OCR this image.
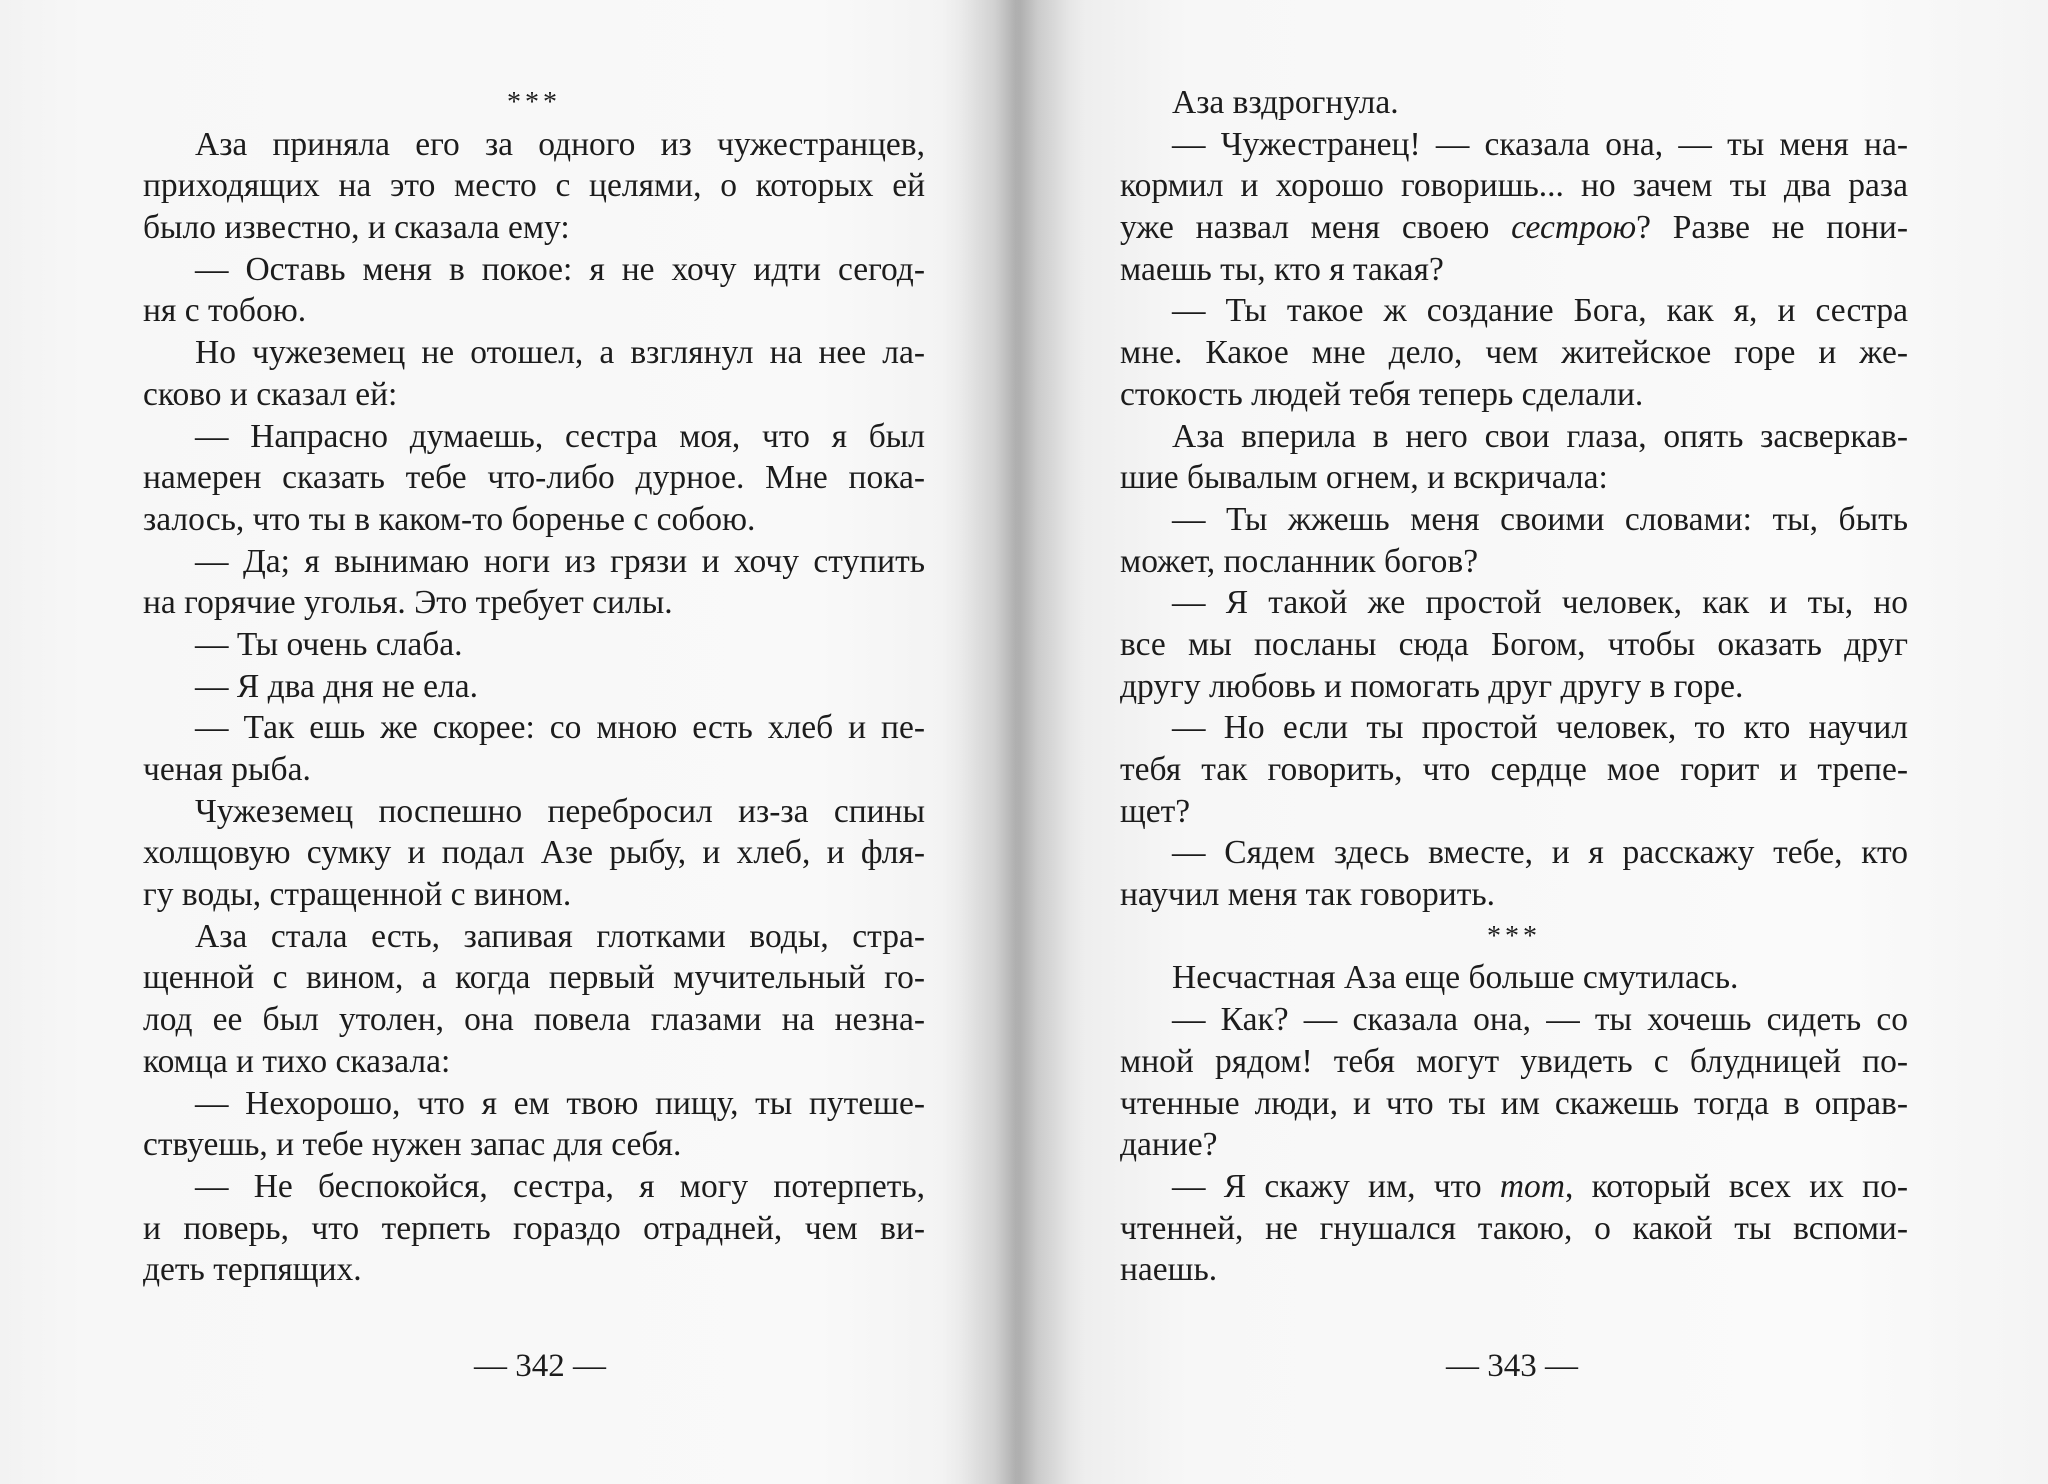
***
Аза приняла его за одного из чужестранцев,
приходящих на это место с целями, о которых ей
было известно, и сказала ему:
— Оставь меня в покое: я не хочу идти сегод-
ня с тобою.
Но чужеземец не отошел, а взглянул на нее ла-
сково и сказал ей:
— Напрасно думаешь, сестра моя, что я был
намерен сказать тебе что-либо дурное. Мне пока-
залось, что ты в каком-то боренье с собою.
— Да; я вынимаю ноги из грязи и хочу ступить
на горячие уголья. Это требует силы.
— Ты очень слаба.
— Я два дня не ела.
— Так ешь же скорее: со мною есть хлеб и пе-
ченая рыба.
Чужеземец поспешно перебросил из-за спины
холщовую сумку и подал Азе рыбу, и хлеб, и фля-
гу воды, стращенной с вином.
Аза стала есть, запивая глотками воды, стра-
щенной с вином, а когда первый мучительный го-
лод ее был утолен, она повела глазами на незна-
комца и тихо сказала:
— Нехорошо, что я ем твою пищу, ты путеше-
ствуешь, и тебе нужен запас для себя.
— Не беспокойся, сестра, я могу потерпеть,
и поверь, что терпеть гораздо отрадней, чем ви-
деть терпящих.
— 342 —
Аза вздрогнула.
— Чужестранец! — сказала она, — ты меня на-
кормил и хорошо говоришь... но зачем ты два раза
уже назвал меня своею сестрою? Разве не пони-
маешь ты, кто я такая?
— Ты такое ж создание Бога, как я, и сестра
мне. Какое мне дело, чем житейское горе и же-
стокость людей тебя теперь сделали.
Аза вперила в него свои глаза, опять засверкав-
шие бывалым огнем, и вскричала:
— Ты жжешь меня своими словами: ты, быть
может, посланник богов?
— Я такой же простой человек, как и ты, но
все мы посланы сюда Богом, чтобы оказать друг
другу любовь и помогать друг другу в горе.
— Но если ты простой человек, то кто научил
тебя так говорить, что сердце мое горит и трепе-
щет?
— Сядем здесь вместе, и я расскажу тебе, кто
научил меня так говорить.
***
Несчастная Аза еще больше смутилась.
— Как? — сказала она, — ты хочешь сидеть со
мной рядом! тебя могут увидеть с блудницей по-
чтенные люди, и что ты им скажешь тогда в оправ-
дание?
— Я скажу им, что тот, который всех их по-
чтенней, не гнушался такою, о какой ты вспоми-
наешь.
— 343 —
